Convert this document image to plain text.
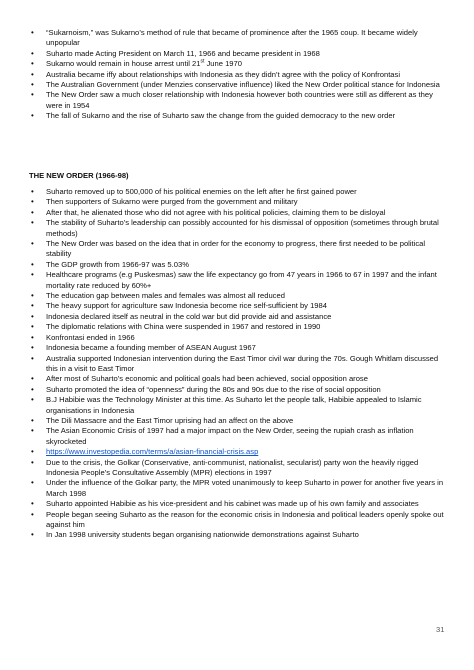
• “Sukarnoism,” was Sukarno’s method of rule that became of prominence after the 1965 coup. It became widely unpopular
• Suharto made Acting President on March 11, 1966 and became president in 1968
• Sukarno would remain in house arrest until 21st June 1970
• Australia became iffy about relationships with Indonesia as they didn’t agree with the policy of Konfrontasi
• The Australian Government (under Menzies conservative influence) liked the New Order political stance for Indonesia
• The New Order saw a much closer relationship with Indonesia however both countries were still as different as they were in 1954
• The fall of Sukarno and the rise of Suharto saw the change from the guided democracy to the new order
THE NEW ORDER (1966-98)
• Suharto removed up to 500,000 of his political enemies on the left after he first gained power
• Then supporters of Sukarno were purged from the government and military
• After that, he alienated those who did not agree with his political policies, claiming them to be disloyal
• The stability of Suharto’s leadership can possibly accounted for his dismissal of opposition (sometimes through brutal methods)
• The New Order was based on the idea that in order for the economy to progress, there first needed to be political stability
• The GDP growth from 1966-97 was 5.03%
• Healthcare programs (e.g Puskesmas) saw the life expectancy go from 47 years in 1966 to 67 in 1997 and the infant mortality rate reduced by 60%+
• The education gap between males and females was almost all reduced
• The heavy support for agriculture saw Indonesia become rice self-sufficient by 1984
• Indonesia declared itself as neutral in the cold war but did provide aid and assistance
• The diplomatic relations with China were suspended in 1967 and restored in 1990
• Konfrontasi ended in 1966
• Indonesia became a founding member of ASEAN August 1967
• Australia supported Indonesian intervention during the East Timor civil war during the 70s. Gough Whitlam discussed this in a visit to East Timor
• After most of Suharto’s economic and political goals had been achieved, social opposition arose
• Suharto promoted the idea of “openness” during the 80s and 90s due to the rise of social opposition
• B.J Habibie was the Technology Minister at this time. As Suharto let the people talk, Habibie appealed to Islamic organisations in Indonesia
• The Dili Massacre and the East Timor uprising had an affect on the above
• The Asian Economic Crisis of 1997 had a major impact on the New Order, seeing the rupiah crash as inflation skyrocketed
• https://www.investopedia.com/terms/a/asian-financial-crisis.asp
• Due to the crisis, the Golkar (Conservative, anti-communist, nationalist, secularist) party won the heavily rigged Indonesia People’s Consultative Assembly (MPR) elections in 1997
• Under the influence of the Golkar party, the MPR voted unanimously to keep Suharto in power for another five years in March 1998
• Suharto appointed Habibie as his vice-president and his cabinet was made up of his own family and associates
• People began seeing Suharto as the reason for the economic crisis in Indonesia and political leaders openly spoke out against him
• In Jan 1998 university students began organising nationwide demonstrations against Suharto
31
